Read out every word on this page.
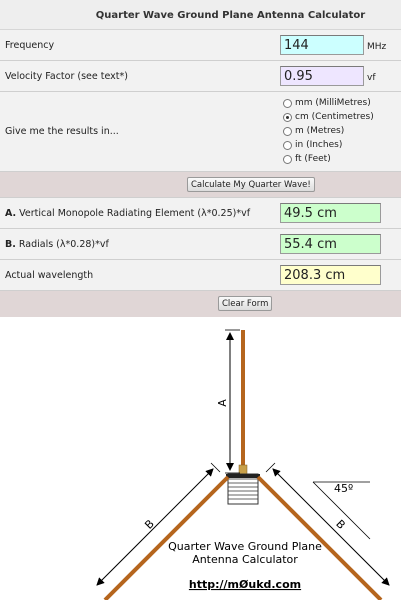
Quarter Wave Ground Plane Antenna Calculator
Frequency
144	MHz
Velocity Factor (see text*)
0.95	vf
Give me the results in...
mm (MilliMetres)
cm (Centimetres)
m (Metres)
in (Inches)
ft (Feet)
Calculate My Quarter Wave!
A. Vertical Monopole Radiating Element (λ*0.25)*vf
49.5 cm
B. Radials (λ*0.28)*vf
55.4 cm
Actual wavelength
208.3 cm
Clear Form
A
B	B
45º
Quarter Wave Ground Plane
Antenna Calculator
http://mØukd.com
